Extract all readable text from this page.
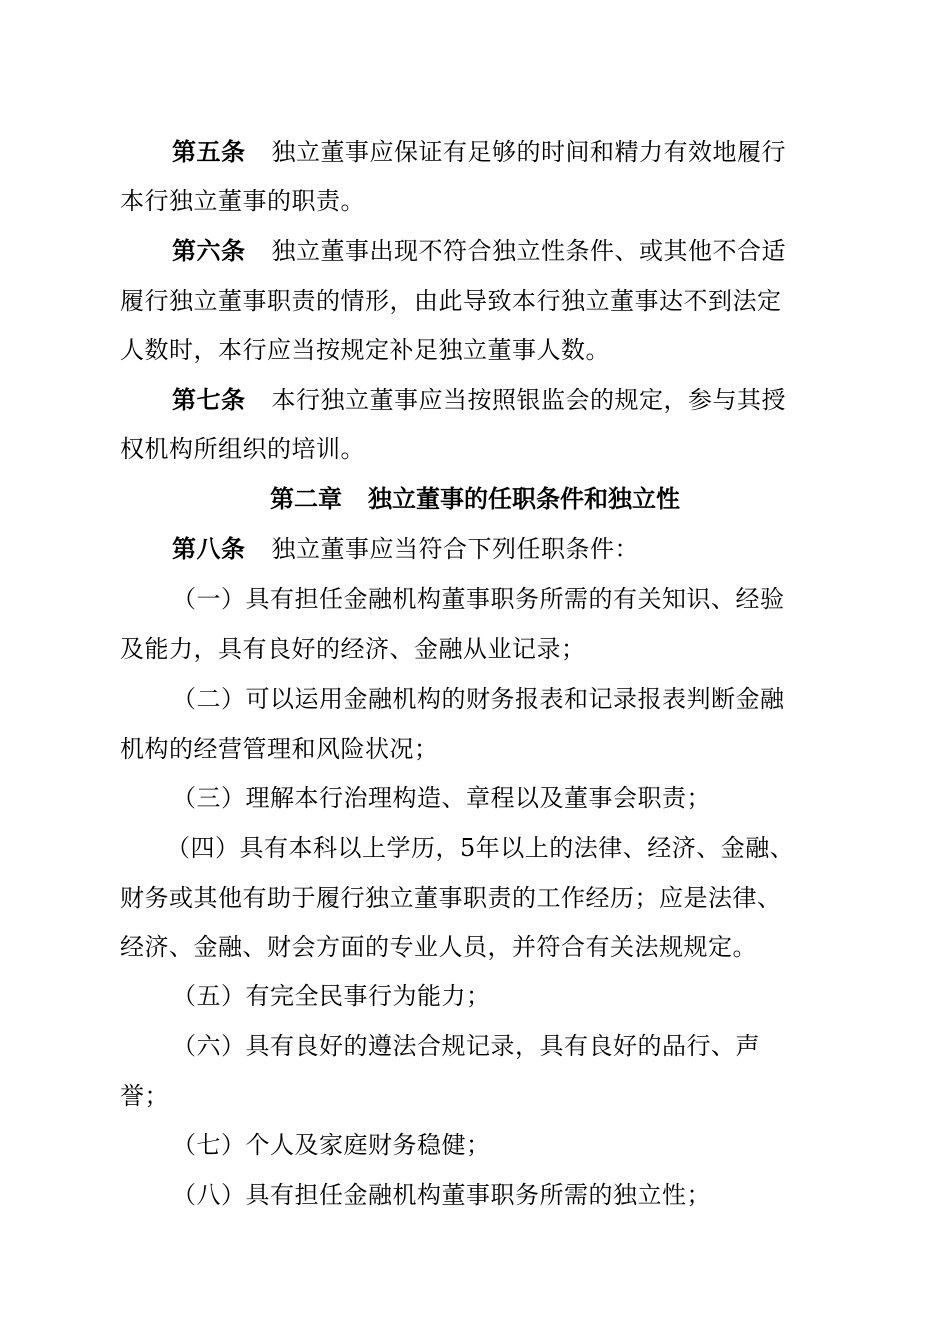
第五条 独立董事应保证有足够的时间和精力有效地履行
本行独立董事的职责。
第六条 独立董事出现不符合独立性条件、或其他不合适
履行独立董事职责的情形，由此导致本行独立董事达不到法定
人数时，本行应当按规定补足独立董事人数。
第七条 本行独立董事应当按照银监会的规定，参与其授
权机构所组织的培训。
第二章 独立董事的任职条件和独立性
第八条 独立董事应当符合下列任职条件：
（一）具有担任金融机构董事职务所需的有关知识、经验
及能力，具有良好的经济、金融从业记录；
（二）可以运用金融机构的财务报表和记录报表判断金融
机构的经营管理和风险状况；
（三）理解本行治理构造、章程以及董事会职责；
（四）具有本科以上学历，5年以上的法律、经济、金融、
财务或其他有助于履行独立董事职责的工作经历；应是法律、
经济、金融、财会方面的专业人员，并符合有关法规规定。
（五）有完全民事行为能力；
（六）具有良好的遵法合规记录，具有良好的品行、声
誉；
（七）个人及家庭财务稳健；
（八）具有担任金融机构董事职务所需的独立性；
